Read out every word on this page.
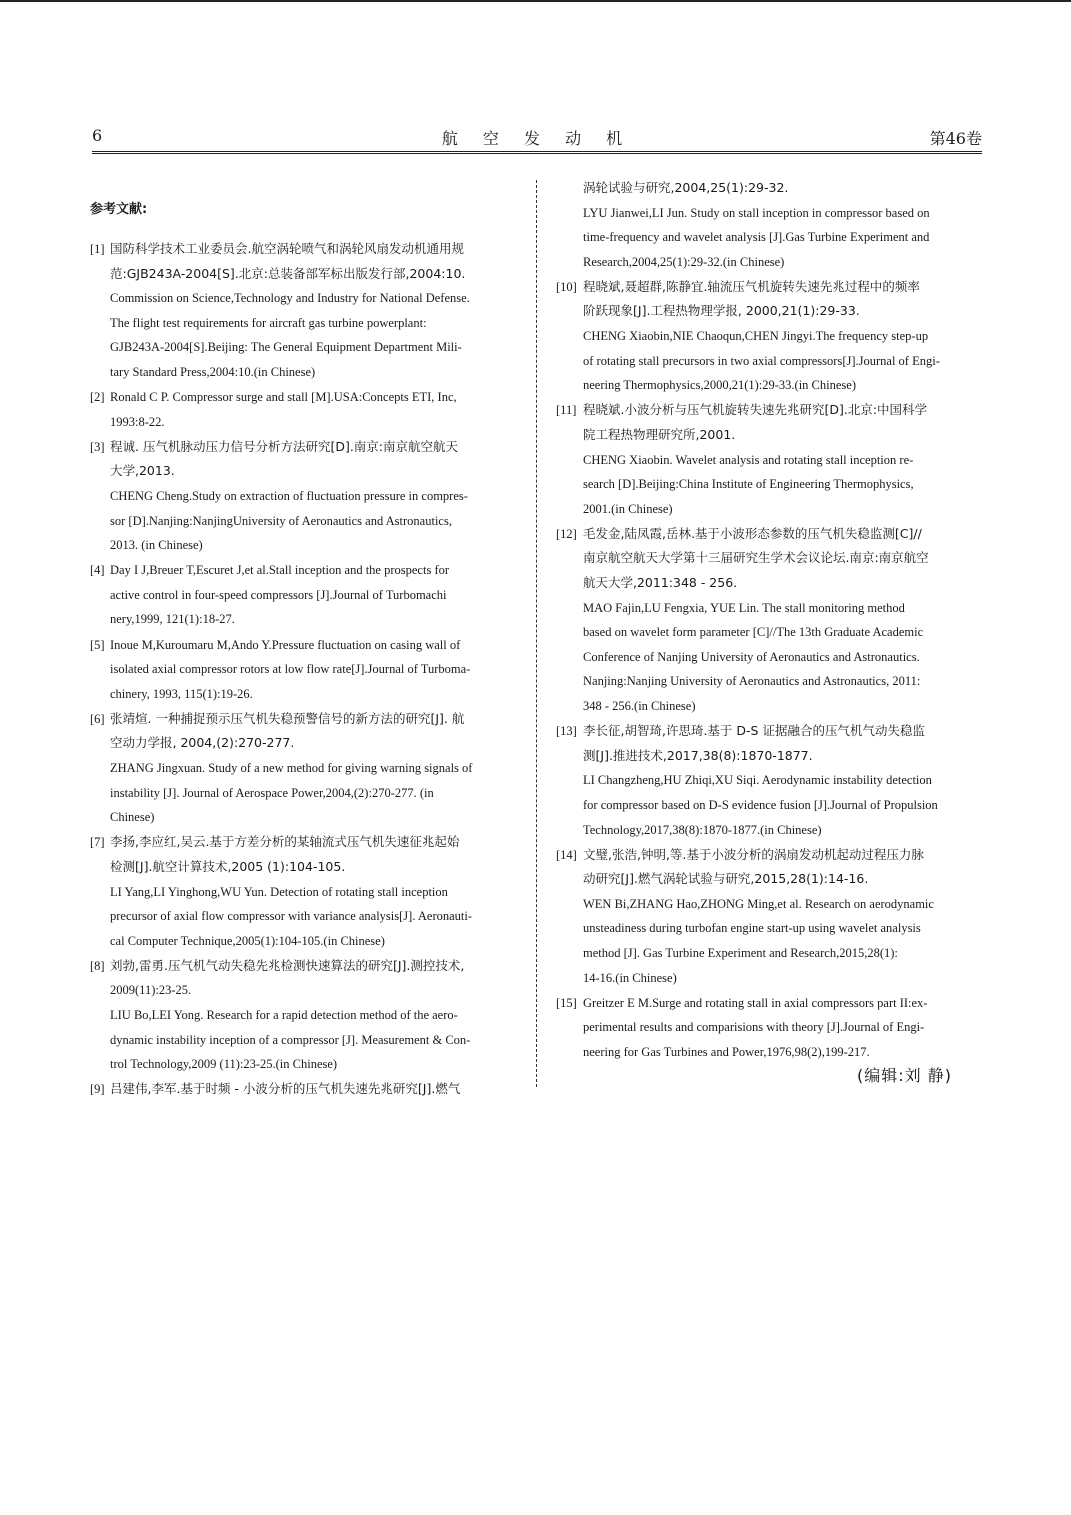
6	航 空 发 动 机	第46卷
参考文献:
[1] 国防科学技术工业委员会.航空涡轮喷气和涡轮风扇发动机通用规
范:GJB243A-2004[S].北京:总装备部军标出版发行部,2004:10.
Commission on Science,Technology and Industry for National Defense.
The flight test requirements for aircraft gas turbine powerplant:
GJB243A-2004[S].Beijing: The General Equipment Department Mili-
tary Standard Press,2004:10.(in Chinese)
[2] Ronald C P. Compressor surge and stall [M].USA:Concepts ETI, Inc,
1993:8-22.
[3] 程诚. 压气机脉动压力信号分析方法研究[D].南京:南京航空航天
大学,2013.
CHENG Cheng.Study on extraction of fluctuation pressure in compres-
sor [D].Nanjing:NanjingUniversity of Aeronautics and Astronautics,
2013. (in Chinese)
[4] Day I J,Breuer T,Escuret J,et al.Stall inception and the prospects for
active control in four-speed compressors [J].Journal of Turbomachi
nery,1999, 121(1):18-27.
[5] Inoue M,Kuroumaru M,Ando Y.Pressure fluctuation on casing wall of
isolated axial compressor rotors at low flow rate[J].Journal of Turboma-
chinery, 1993, 115(1):19-26.
[6] 张靖煊. 一种捕捉预示压气机失稳预警信号的新方法的研究[J]. 航
空动力学报, 2004,(2):270-277.
ZHANG Jingxuan. Study of a new method for giving warning signals of
instability [J]. Journal of Aerospace Power,2004,(2):270-277. (in
Chinese)
[7] 李扬,李应红,吴云.基于方差分析的某轴流式压气机失速征兆起始
检测[J].航空计算技术,2005 (1):104-105.
LI Yang,LI Yinghong,WU Yun. Detection of rotating stall inception
precursor of axial flow compressor with variance analysis[J]. Aeronauti-
cal Computer Technique,2005(1):104-105.(in Chinese)
[8] 刘勃,雷勇.压气机气动失稳先兆检测快速算法的研究[J].测控技术,
2009(11):23-25.
LIU Bo,LEI Yong. Research for a rapid detection method of the aero-
dynamic instability inception of a compressor [J]. Measurement & Con-
trol Technology,2009 (11):23-25.(in Chinese)
[9] 吕建伟,李军.基于时频 - 小波分析的压气机失速先兆研究[J].燃气
涡轮试验与研究,2004,25(1):29-32.
LYU Jianwei,LI Jun. Study on stall inception in compressor based on
time-frequency and wavelet analysis [J].Gas Turbine Experiment and
Research,2004,25(1):29-32.(in Chinese)
[10] 程晓斌,聂超群,陈静宜.轴流压气机旋转失速先兆过程中的频率
阶跃现象[J].工程热物理学报, 2000,21(1):29-33.
CHENG Xiaobin,NIE Chaoqun,CHEN Jingyi.The frequency step-up
of rotating stall precursors in two axial compressors[J].Journal of Engi-
neering Thermophysics,2000,21(1):29-33.(in Chinese)
[11] 程晓斌.小波分析与压气机旋转失速先兆研究[D].北京:中国科学
院工程热物理研究所,2001.
CHENG Xiaobin. Wavelet analysis and rotating stall inception re-
search [D].Beijing:China Institute of Engineering Thermophysics,
2001.(in Chinese)
[12] 毛发金,陆凤霞,岳林.基于小波形态参数的压气机失稳监测[C]//
南京航空航天大学第十三届研究生学术会议论坛.南京:南京航空
航天大学,2011:348 - 256.
MAO Fajin,LU Fengxia, YUE Lin. The stall monitoring method
based on wavelet form parameter [C]//The 13th Graduate Academic
Conference of Nanjing University of Aeronautics and Astronautics.
Nanjing:Nanjing University of Aeronautics and Astronautics, 2011:
348 - 256.(in Chinese)
[13] 李长征,胡智琦,许思琦.基于 D-S 证据融合的压气机气动失稳监
测[J].推进技术,2017,38(8):1870-1877.
LI Changzheng,HU Zhiqi,XU Siqi. Aerodynamic instability detection
for compressor based on D-S evidence fusion [J].Journal of Propulsion
Technology,2017,38(8):1870-1877.(in Chinese)
[14] 文璧,张浩,钟明,等.基于小波分析的涡扇发动机起动过程压力脉
动研究[J].燃气涡轮试验与研究,2015,28(1):14-16.
WEN Bi,ZHANG Hao,ZHONG Ming,et al. Research on aerodynamic
unsteadiness during turbofan engine start-up using wavelet analysis
method [J]. Gas Turbine Experiment and Research,2015,28(1):
14-16.(in Chinese)
[15] Greitzer E M.Surge and rotating stall in axial compressors part II:ex-
perimental results and comparisions with theory [J].Journal of Engi-
neering for Gas Turbines and Power,1976,98(2),199-217.
(编辑:刘 静)
